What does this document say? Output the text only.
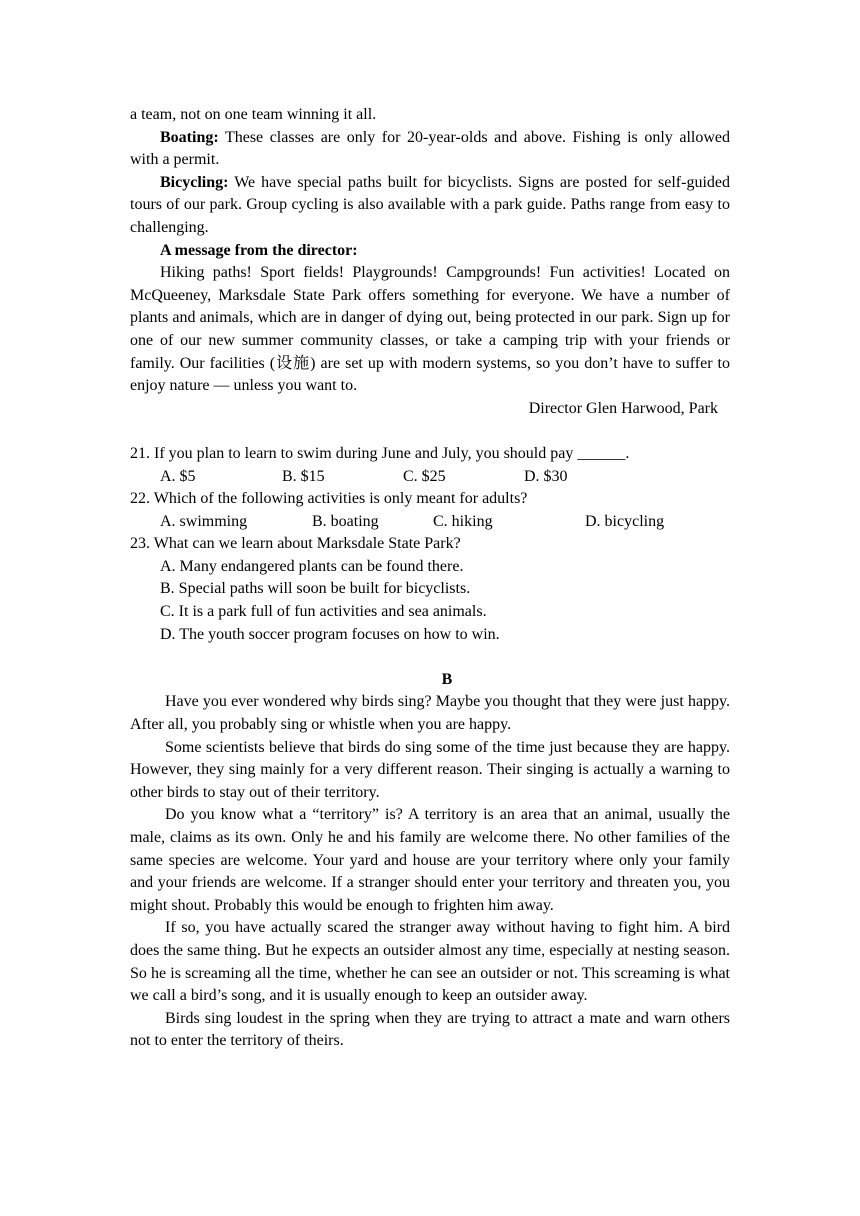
a team, not on one team winning it all.

Boating: These classes are only for 20-year-olds and above. Fishing is only allowed with a permit.

Bicycling: We have special paths built for bicyclists. Signs are posted for self-guided tours of our park. Group cycling is also available with a park guide. Paths range from easy to challenging.

A message from the director:

Hiking paths! Sport fields! Playgrounds! Campgrounds! Fun activities! Located on McQueeney, Marksdale State Park offers something for everyone. We have a number of plants and animals, which are in danger of dying out, being protected in our park. Sign up for one of our new summer community classes, or take a camping trip with your friends or family. Our facilities (设施) are set up with modern systems, so you don’t have to suffer to enjoy nature — unless you want to.

Director Glen Harwood, Park

21. If you plan to learn to swim during June and July, you should pay ______.

A. $5	B. $15	C. $25	D. $30

22. Which of the following activities is only meant for adults?

A. swimming	B. boating	C. hiking	D. bicycling

23. What can we learn about Marksdale State Park?

A. Many endangered plants can be found there.
B. Special paths will soon be built for bicyclists.
C. It is a park full of fun activities and sea animals.
D. The youth soccer program focuses on how to win.

B

Have you ever wondered why birds sing? Maybe you thought that they were just happy. After all, you probably sing or whistle when you are happy.

Some scientists believe that birds do sing some of the time just because they are happy. However, they sing mainly for a very different reason. Their singing is actually a warning to other birds to stay out of their territory.

Do you know what a “territory” is? A territory is an area that an animal, usually the male, claims as its own. Only he and his family are welcome there. No other families of the same species are welcome. Your yard and house are your territory where only your family and your friends are welcome. If a stranger should enter your territory and threaten you, you might shout. Probably this would be enough to frighten him away.

If so, you have actually scared the stranger away without having to fight him. A bird does the same thing. But he expects an outsider almost any time, especially at nesting season. So he is screaming all the time, whether he can see an outsider or not. This screaming is what we call a bird’s song, and it is usually enough to keep an outsider away.

Birds sing loudest in the spring when they are trying to attract a mate and warn others not to enter the territory of theirs.
